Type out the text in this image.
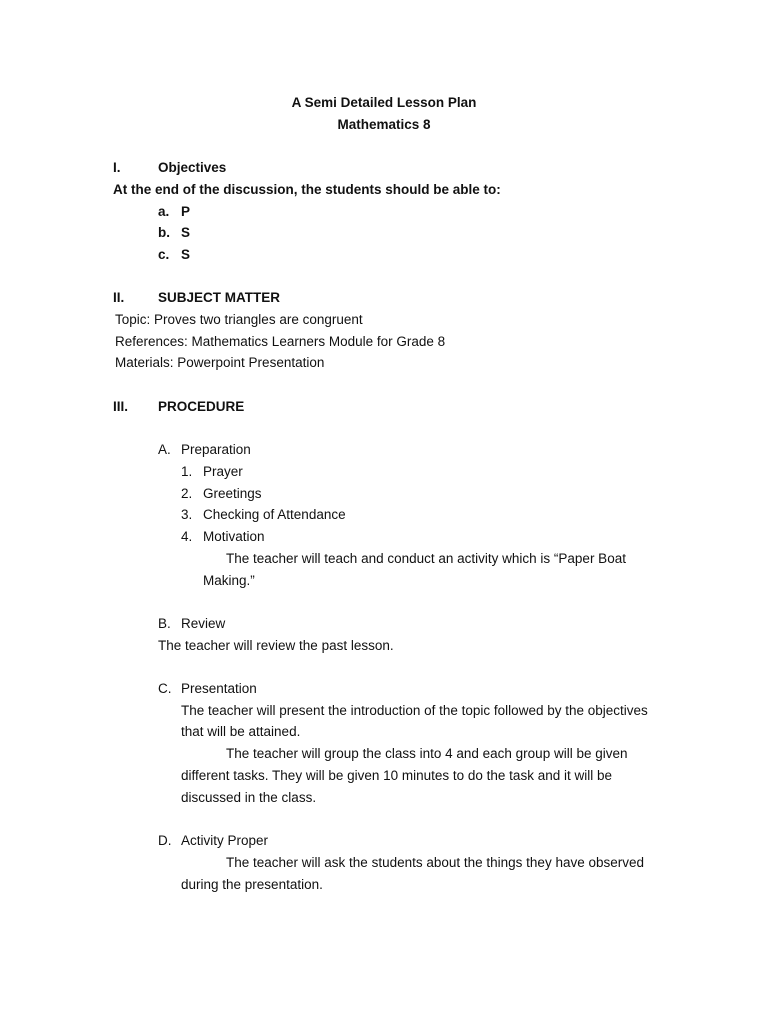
A Semi Detailed Lesson Plan
Mathematics 8
I.	Objectives
At the end of the discussion, the students should be able to:
a. P
b. S
c. S
II. SUBJECT MATTER
Topic: Proves two triangles are congruent
References: Mathematics Learners Module for Grade 8
Materials: Powerpoint Presentation
III. PROCEDURE
A. Preparation
1. Prayer
2. Greetings
3. Checking of Attendance
4. Motivation
The teacher will teach and conduct an activity which is “Paper Boat
Making.”
B. Review
The teacher will review the past lesson.
C. Presentation
The teacher will present the introduction of the topic followed by the objectives
that will be attained.
The teacher will group the class into 4 and each group will be given
different tasks. They will be given 10 minutes to do the task and it will be
discussed in the class.
D. Activity Proper
The teacher will ask the students about the things they have observed
during the presentation.
